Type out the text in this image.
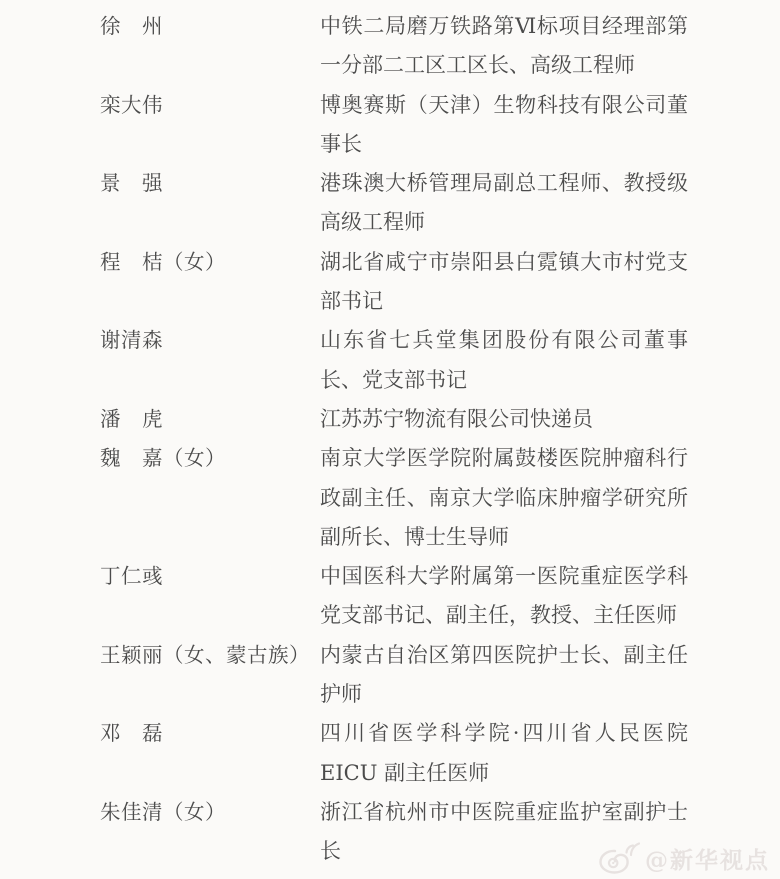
徐　州	中铁二局磨万铁路第Ⅵ标项目经理部第一分部二工区工区长、高级工程师
栾大伟	博奥赛斯（天津）生物科技有限公司董事长
景　强	港珠澳大桥管理局副总工程师、教授级高级工程师
程　桔（女）	湖北省咸宁市崇阳县白霓镇大市村党支部书记
谢清森	山东省七兵堂集团股份有限公司董事长、党支部书记
潘　虎	江苏苏宁物流有限公司快递员
魏　嘉（女）	南京大学医学院附属鼓楼医院肿瘤科行政副主任、南京大学临床肿瘤学研究所副所长、博士生导师
丁仁彧	中国医科大学附属第一医院重症医学科党支部书记、副主任，教授、主任医师
王颖丽（女、蒙古族） 内蒙古自治区第四医院护士长、副主任护师
邓　磊	四川省医学科学院·四川省人民医院EICU 副主任医师
朱佳清（女）	浙江省杭州市中医院重症监护室副护士长	@新华视点
